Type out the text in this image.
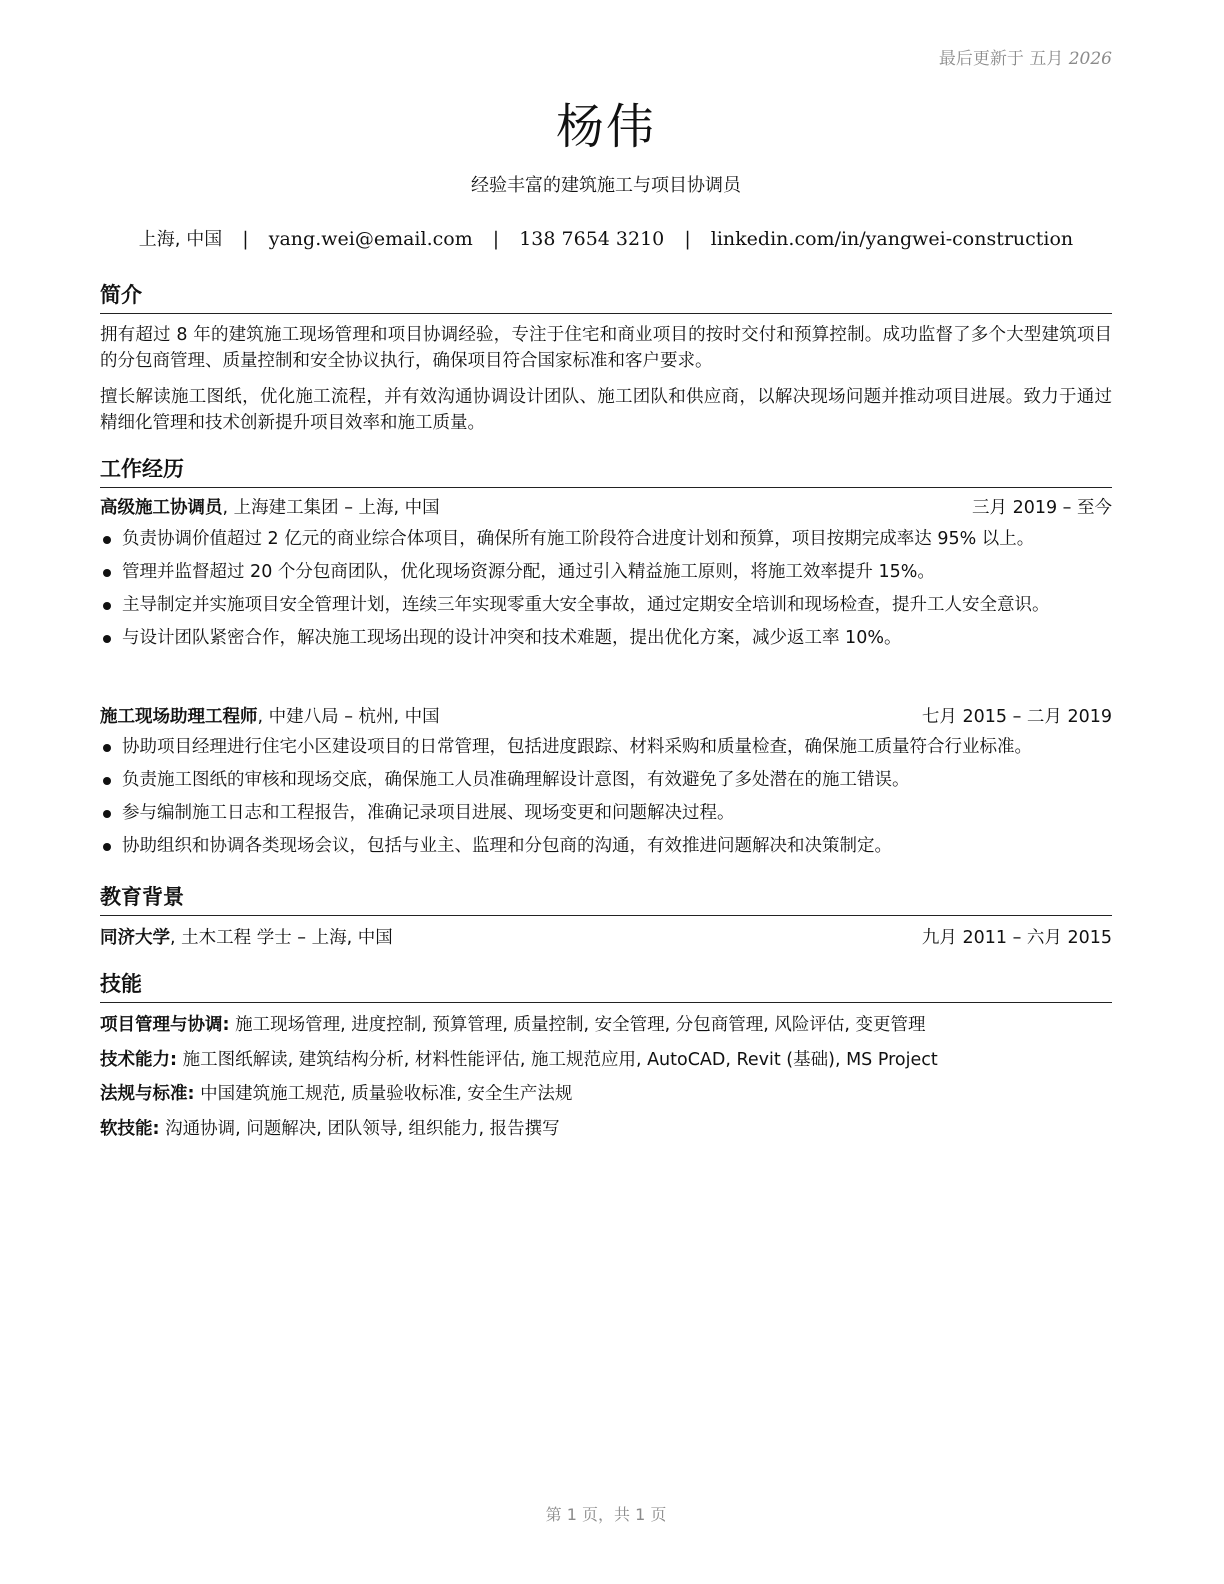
最后更新于 五月 2026
杨伟
经验丰富的建筑施工与项目协调员
上海, 中国 | yang.wei@email.com | 138 7654 3210 | linkedin.com/in/yangwei-construction
简介
拥有超过 8 年的建筑施工现场管理和项目协调经验，专注于住宅和商业项目的按时交付和预算控制。成功监督了多个大型建筑项目的分包商管理、质量控制和安全协议执行，确保项目符合国家标准和客户要求。
擅长解读施工图纸，优化施工流程，并有效沟通协调设计团队、施工团队和供应商，以解决现场问题并推动项目进展。致力于通过精细化管理和技术创新提升项目效率和施工质量。
工作经历
高级施工协调员, 上海建工集团 – 上海, 中国	三月 2019 – 至今
负责协调价值超过 2 亿元的商业综合体项目，确保所有施工阶段符合进度计划和预算，项目按期完成率达 95% 以上。
管理并监督超过 20 个分包商团队，优化现场资源分配，通过引入精益施工原则，将施工效率提升 15%。
主导制定并实施项目安全管理计划，连续三年实现零重大安全事故，通过定期安全培训和现场检查，提升工人安全意识。
与设计团队紧密合作，解决施工现场出现的设计冲突和技术难题，提出优化方案，减少返工率 10%。
施工现场助理工程师, 中建八局 – 杭州, 中国	七月 2015 – 二月 2019
协助项目经理进行住宅小区建设项目的日常管理，包括进度跟踪、材料采购和质量检查，确保施工质量符合行业标准。
负责施工图纸的审核和现场交底，确保施工人员准确理解设计意图，有效避免了多处潜在的施工错误。
参与编制施工日志和工程报告，准确记录项目进展、现场变更和问题解决过程。
协助组织和协调各类现场会议，包括与业主、监理和分包商的沟通，有效推进问题解决和决策制定。
教育背景
同济大学, 土木工程 学士 – 上海, 中国	九月 2011 – 六月 2015
技能
项目管理与协调: 施工现场管理, 进度控制, 预算管理, 质量控制, 安全管理, 分包商管理, 风险评估, 变更管理
技术能力: 施工图纸解读, 建筑结构分析, 材料性能评估, 施工规范应用, AutoCAD, Revit (基础), MS Project
法规与标准: 中国建筑施工规范, 质量验收标准, 安全生产法规
软技能: 沟通协调, 问题解决, 团队领导, 组织能力, 报告撰写
第 1 页，共 1 页
